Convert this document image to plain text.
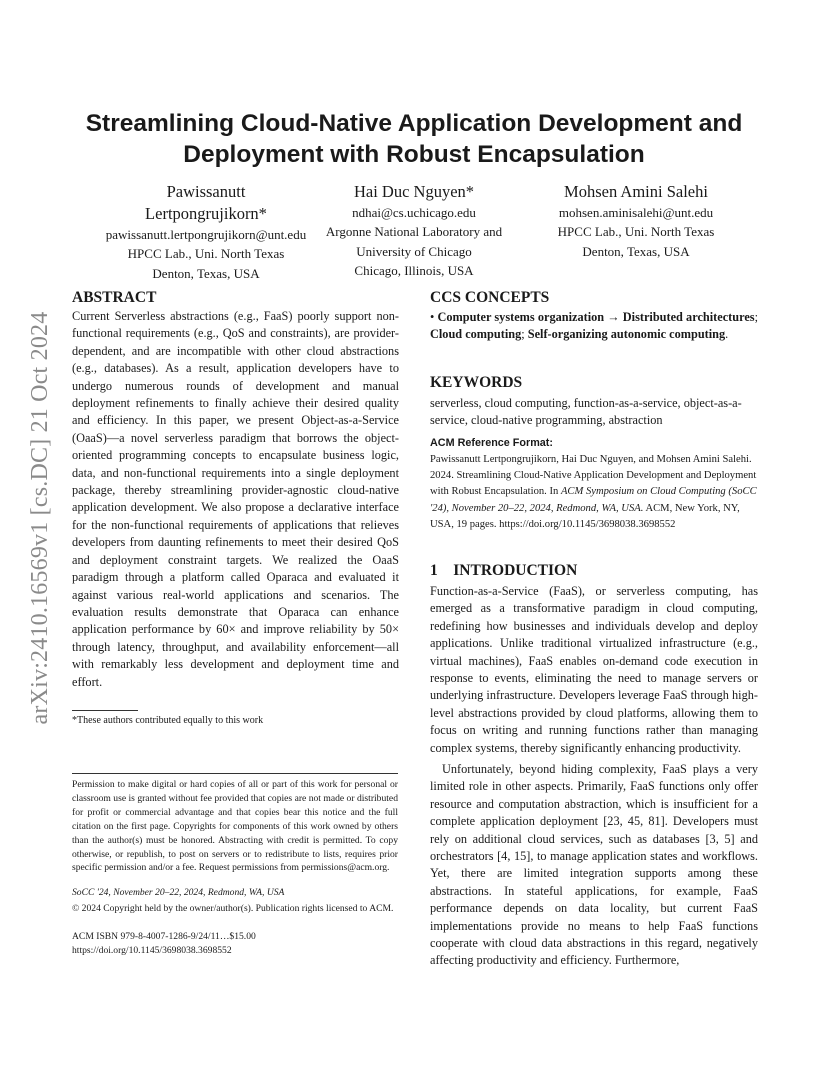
arXiv:2410.16569v1 [cs.DC] 21 Oct 2024
Streamlining Cloud-Native Application Development and Deployment with Robust Encapsulation
Pawissanutt
Lertpongrujikorn*
pawissanutt.lertpongrujikorn@unt.edu
HPCC Lab., Uni. North Texas
Denton, Texas, USA
Hai Duc Nguyen*
ndhai@cs.uchicago.edu
Argonne National Laboratory and
University of Chicago
Chicago, Illinois, USA
Mohsen Amini Salehi
mohsen.aminisalehi@unt.edu
HPCC Lab., Uni. North Texas
Denton, Texas, USA
ABSTRACT

Current Serverless abstractions (e.g., FaaS) poorly support non-functional requirements (e.g., QoS and constraints), are provider-dependent, and are incompatible with other cloud abstractions (e.g., databases). As a result, application developers have to undergo numerous rounds of development and manual deployment refinements to finally achieve their desired quality and efficiency. In this paper, we present Object-as-a-Service (OaaS)—a novel serverless paradigm that borrows the object-oriented programming concepts to encapsulate business logic, data, and non-functional requirements into a single deployment package, thereby streamlining provider-agnostic cloud-native application development. We also propose a declarative interface for the non-functional requirements of applications that relieves developers from daunting refinements to meet their desired QoS and deployment constraint targets. We realized the OaaS paradigm through a platform called Oparaca and evaluated it against various real-world applications and scenarios. The evaluation results demonstrate that Oparaca can enhance application performance by 60× and improve reliability by 50× through latency, throughput, and availability enforcement—all with remarkably less development and deployment time and effort.

*These authors contributed equally to this work

Permission to make digital or hard copies of all or part of this work for personal or classroom use is granted without fee provided that copies are not made or distributed for profit or commercial advantage and that copies bear this notice and the full citation on the first page. Copyrights for components of this work owned by others than the author(s) must be honored. Abstracting with credit is permitted. To copy otherwise, or republish, to post on servers or to redistribute to lists, requires prior specific permission and/or a fee. Request permissions from permissions@acm.org.

SoCC '24, November 20–22, 2024, Redmond, WA, USA

© 2024 Copyright held by the owner/author(s). Publication rights licensed to ACM.

ACM ISBN 979-8-4007-1286-9/24/11…$15.00

https://doi.org/10.1145/3698038.3698552

CCS CONCEPTS

• Computer systems organization → Distributed architectures; Cloud computing; Self-organizing autonomic computing.

KEYWORDS

serverless, cloud computing, function-as-a-service, object-as-a-service, cloud-native programming, abstraction

ACM Reference Format:

Pawissanutt Lertpongrujikorn, Hai Duc Nguyen, and Mohsen Amini Salehi. 2024. Streamlining Cloud-Native Application Development and Deployment with Robust Encapsulation. In ACM Symposium on Cloud Computing (SoCC '24), November 20–22, 2024, Redmond, WA, USA. ACM, New York, NY, USA, 19 pages. https://doi.org/10.1145/3698038.3698552

1    INTRODUCTION

Function-as-a-Service (FaaS), or serverless computing, has emerged as a transformative paradigm in cloud computing, redefining how businesses and individuals develop and deploy applications. Unlike traditional virtualized infrastructure (e.g., virtual machines), FaaS enables on-demand code execution in response to events, eliminating the need to manage servers or underlying infrastructure. Developers leverage FaaS through high-level abstractions provided by cloud platforms, allowing them to focus on writing and running functions rather than managing complex systems, thereby significantly enhancing productivity.

Unfortunately, beyond hiding complexity, FaaS plays a very limited role in other aspects. Primarily, FaaS functions only offer resource and computation abstraction, which is insufficient for a complete application deployment [23, 45, 81]. Developers must rely on additional cloud services, such as databases [3, 5] and orchestrators [4, 15], to manage application states and workflows. Yet, there are limited integration supports among these abstractions. In stateful applications, for example, FaaS performance depends on data locality, but current FaaS implementations provide no means to help FaaS functions cooperate with cloud data abstractions in this regard, negatively affecting productivity and efficiency. Furthermore,
